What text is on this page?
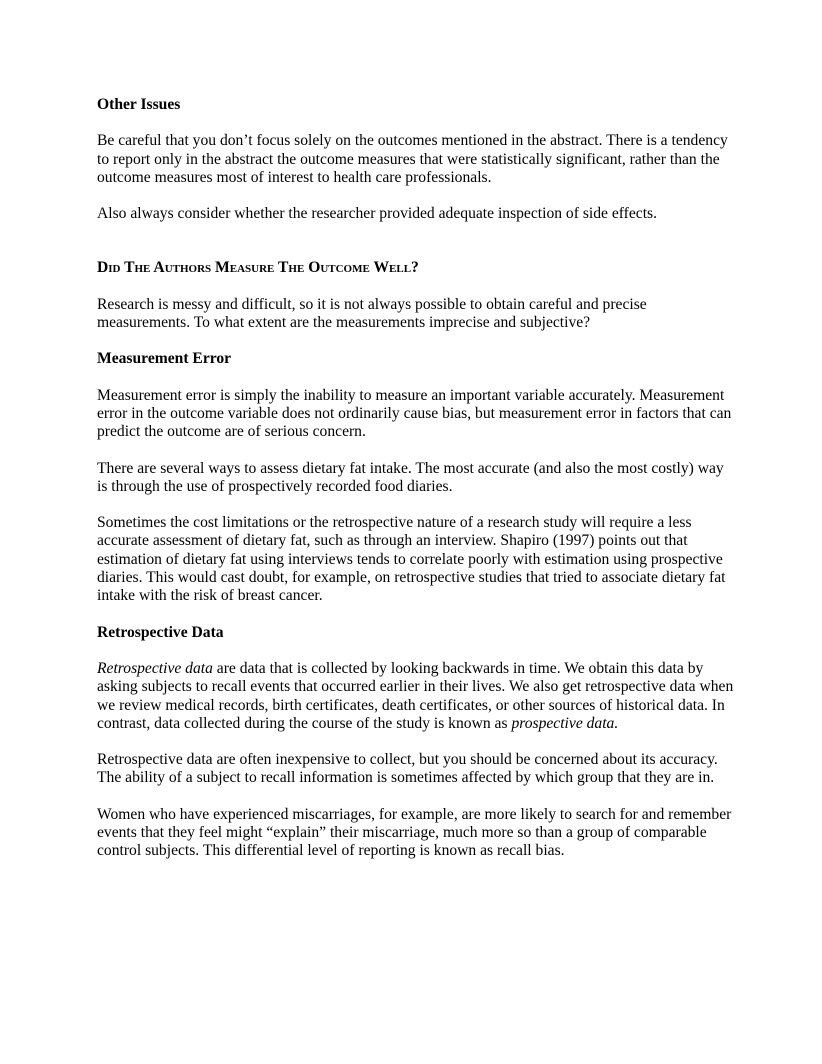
Other Issues

Be careful that you don’t focus solely on the outcomes mentioned in the abstract. There is a tendency to report only in the abstract the outcome measures that were statistically significant, rather than the outcome measures most of interest to health care professionals.

Also always consider whether the researcher provided adequate inspection of side effects.

Did The Authors Measure The Outcome Well?

Research is messy and difficult, so it is not always possible to obtain careful and precise measurements. To what extent are the measurements imprecise and subjective?

Measurement Error

Measurement error is simply the inability to measure an important variable accurately. Measurement error in the outcome variable does not ordinarily cause bias, but measurement error in factors that can predict the outcome are of serious concern.

There are several ways to assess dietary fat intake. The most accurate (and also the most costly) way is through the use of prospectively recorded food diaries.

Sometimes the cost limitations or the retrospective nature of a research study will require a less accurate assessment of dietary fat, such as through an interview. Shapiro (1997) points out that estimation of dietary fat using interviews tends to correlate poorly with estimation using prospective diaries. This would cast doubt, for example, on retrospective studies that tried to associate dietary fat intake with the risk of breast cancer.

Retrospective Data

Retrospective data are data that is collected by looking backwards in time. We obtain this data by asking subjects to recall events that occurred earlier in their lives. We also get retrospective data when we review medical records, birth certificates, death certificates, or other sources of historical data. In contrast, data collected during the course of the study is known as prospective data.

Retrospective data are often inexpensive to collect, but you should be concerned about its accuracy. The ability of a subject to recall information is sometimes affected by which group that they are in.

Women who have experienced miscarriages, for example, are more likely to search for and remember events that they feel might “explain” their miscarriage, much more so than a group of comparable control subjects. This differential level of reporting is known as recall bias.
